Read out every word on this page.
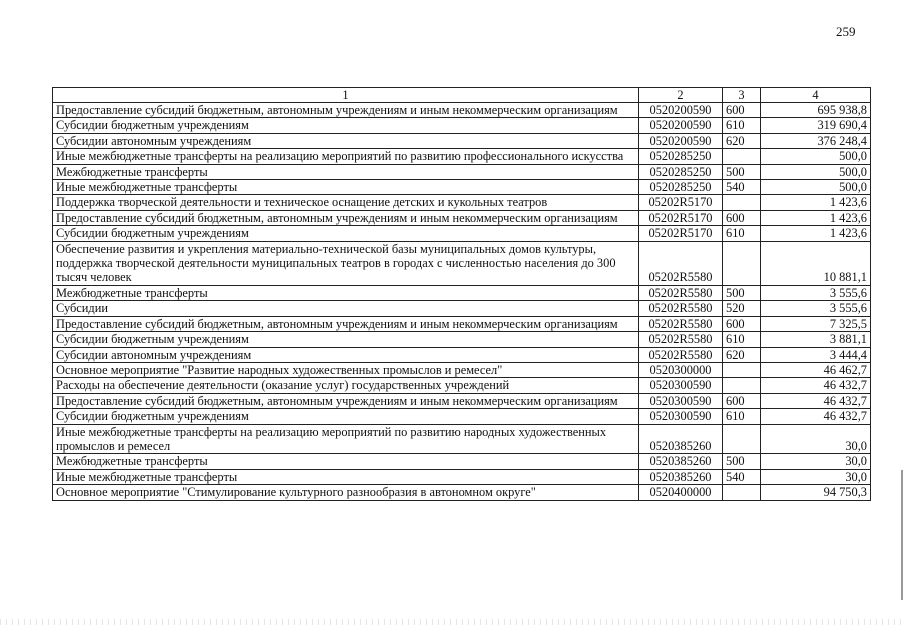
259
1	2	3	4
Предоставление субсидий бюджетным, автономным учреждениям и иным некоммерческим организациям	0520200590	600	695 938,8
Субсидии бюджетным учреждениям	0520200590	610	319 690,4
Субсидии автономным учреждениям	0520200590	620	376 248,4
Иные межбюджетные трансферты на реализацию мероприятий по развитию профессионального искусства	0520285250		500,0
Межбюджетные трансферты	0520285250	500	500,0
Иные межбюджетные трансферты	0520285250	540	500,0
Поддержка творческой деятельности и техническое оснащение детских и кукольных театров	05202R5170		1 423,6
Предоставление субсидий бюджетным, автономным учреждениям и иным некоммерческим организациям	05202R5170	600	1 423,6
Субсидии бюджетным учреждениям	05202R5170	610	1 423,6
Обеспечение развития и укрепления материально-технической базы муниципальных домов культуры, поддержка творческой деятельности муниципальных театров в городах с численностью населения до 300 тысяч человек	05202R5580		10 881,1
Межбюджетные трансферты	05202R5580	500	3 555,6
Субсидии	05202R5580	520	3 555,6
Предоставление субсидий бюджетным, автономным учреждениям и иным некоммерческим организациям	05202R5580	600	7 325,5
Субсидии бюджетным учреждениям	05202R5580	610	3 881,1
Субсидии автономным учреждениям	05202R5580	620	3 444,4
Основное мероприятие "Развитие народных художественных промыслов и ремесел"	0520300000		46 462,7
Расходы на обеспечение деятельности (оказание услуг) государственных учреждений	0520300590		46 432,7
Предоставление субсидий бюджетным, автономным учреждениям и иным некоммерческим организациям	0520300590	600	46 432,7
Субсидии бюджетным учреждениям	0520300590	610	46 432,7
Иные межбюджетные трансферты на реализацию мероприятий по развитию народных художественных промыслов и ремесел	0520385260		30,0
Межбюджетные трансферты	0520385260	500	30,0
Иные межбюджетные трансферты	0520385260	540	30,0
Основное мероприятие "Стимулирование культурного разнообразия в автономном округе"	0520400000		94 750,3
